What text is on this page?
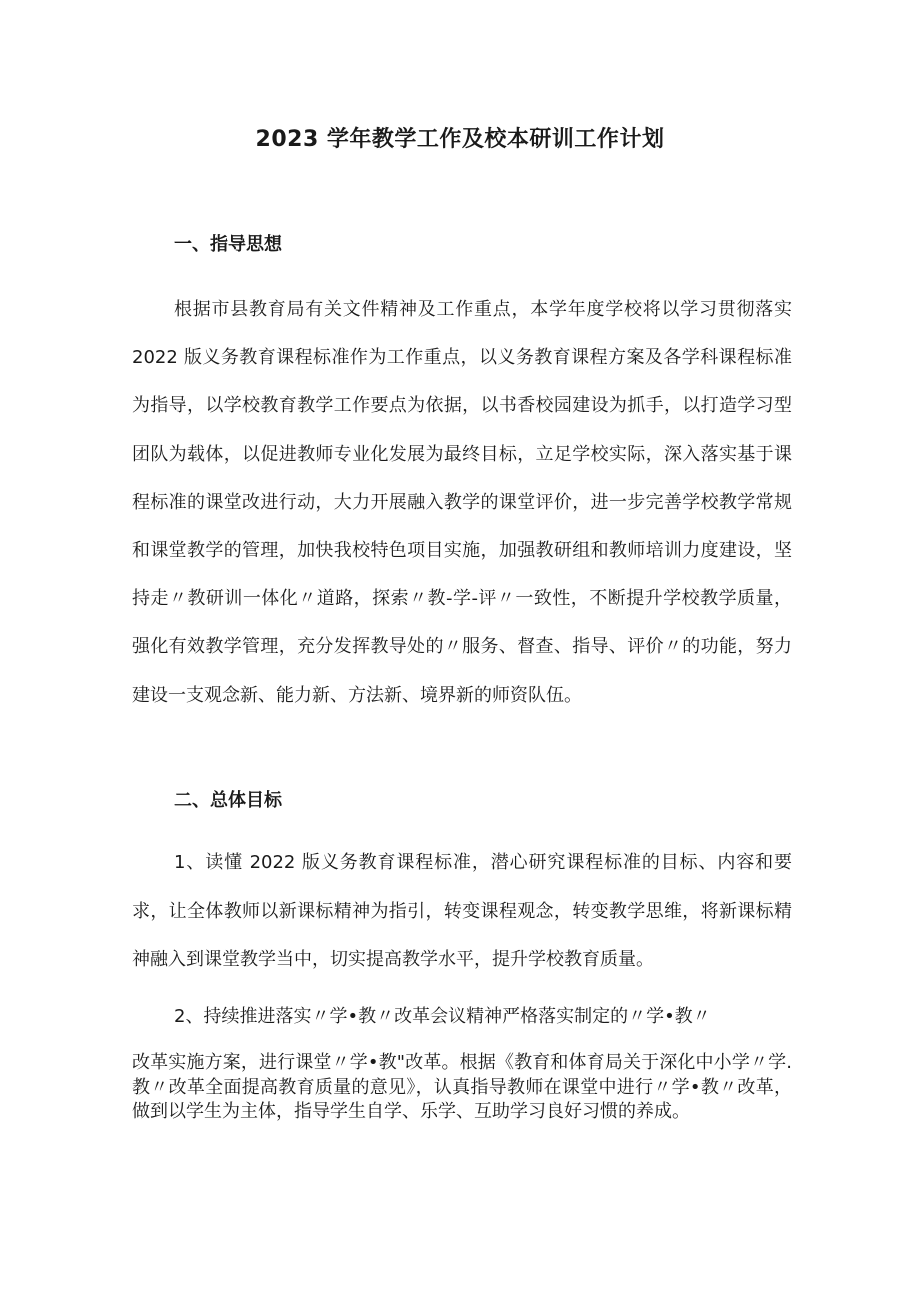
2023 学年教学工作及校本研训工作计划
一、指导思想

根据市县教育局有关文件精神及工作重点，本学年度学校将以学习贯彻落实 2022 版义务教育课程标准作为工作重点，以义务教育课程方案及各学科课程标准为指导，以学校教育教学工作要点为依据，以书香校园建设为抓手，以打造学习型团队为载体，以促进教师专业化发展为最终目标，立足学校实际，深入落实基于课程标准的课堂改进行动，大力开展融入教学的课堂评价，进一步完善学校教学常规和课堂教学的管理，加快我校特色项目实施，加强教研组和教师培训力度建设，坚持走〃教研训一体化〃道路，探索〃教-学-评〃一致性，不断提升学校教学质量，强化有效教学管理，充分发挥教导处的〃服务、督查、指导、评价〃的功能，努力建设一支观念新、能力新、方法新、境界新的师资队伍。

二、总体目标

1、读懂 2022 版义务教育课程标准，潜心研究课程标准的目标、内容和要求，让全体教师以新课标精神为指引，转变课程观念，转变教学思维，将新课标精神融入到课堂教学当中，切实提高教学水平，提升学校教育质量。

2、持续推进落实〃学•教〃改革会议精神严格落实制定的〃学•教〃

改革实施方案，进行课堂〃学•教"改革。根据《教育和体育局关于深化中小学〃学. 教〃改革全面提高教育质量的意见》，认真指导教师在课堂中进行〃学•教〃改革，做到以学生为主体，指导学生自学、乐学、互助学习良好习惯的养成。
